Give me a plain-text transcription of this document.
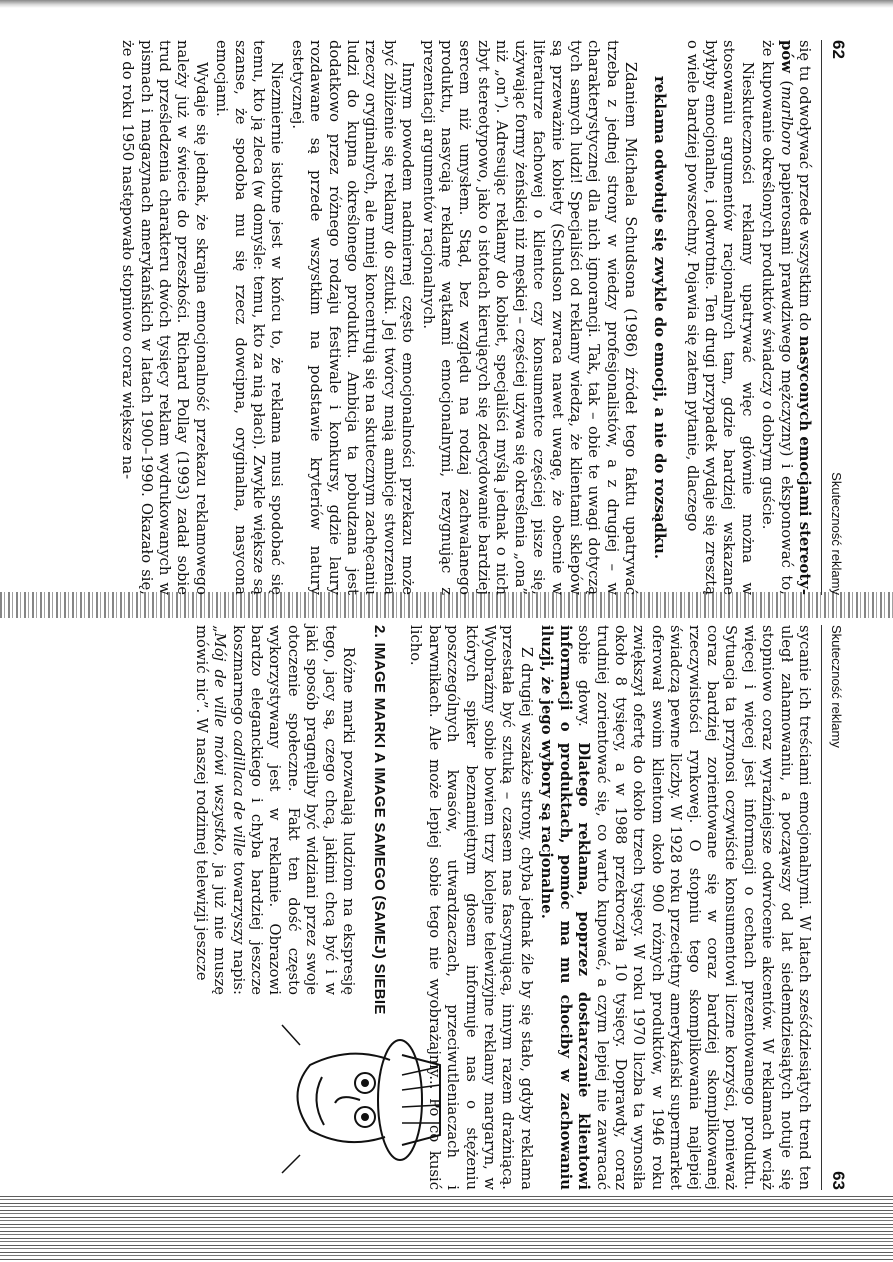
62
Skuteczność reklamy

się tu odwoływać przede wszystkim do nasyconych emocjami stereoty-pów (marlboro papierosami prawdziwego mężczyzny) i eksponować to, że kupowanie określonych produktów świadczy o dobrym guście.

Nieskuteczności reklamy upatrywać więc głównie można w stosowaniu argumentów racjonalnych tam, gdzie bardziej wskazane byłyby emocjonalne, i odwrotnie. Ten drugi przypadek wydaje się zresztą o wiele bardziej powszechny. Pojawia się zatem pytanie, dlaczego

reklama odwołuje się zwykle do emocji, a nie do rozsądku.

Zdaniem Michaela Schudsona (1986) źródeł tego faktu upatrywać trzeba z jednej strony w wiedzy profesjonalistów, a z drugiej – w charakterystycznej dla nich ignorancji. Tak, tak – obie te uwagi dotyczą tych samych ludzi! Specjaliści od reklamy wiedzą, że klientami sklepów są przeważnie kobiety (Schudson zwraca nawet uwagę, że obecnie w literaturze fachowej o klientce czy konsumentce częściej pisze się, używając formy żeńskiej niż męskiej – częściej używa się określenia „ona” niż „on”). Adresując reklamy do kobiet, specjaliści myślą jednak o nich zbyt stereotypowo, jako o istotach kierujących się zdecydowanie bardziej sercem niż umysłem. Stąd, bez względu na rodzaj zachwalanego produktu, nasycają reklamę wątkami emocjonalnymi, rezygnując z prezentacji argumentów racjonalnych.

Innym powodem nadmiernej często emocjonalności przekazu może być zbliżenie się reklamy do sztuki. Jej twórcy mają ambicje stworzenia rzeczy oryginalnych, ale mniej koncentrują się na skutecznym zachęcaniu ludzi do kupna określonego produktu. Ambicja ta pobudzana jest dodatkowo przez różnego rodzaju festiwale i konkursy, gdzie laury rozdawane są przede wszystkim na podstawie kryteriów natury estetycznej.

Niezmiernie istotne jest w końcu to, że reklama musi spodobać się temu, kto ją zleca (w domyśle: temu, kto za nią płaci). Zwykle większe są szanse, że spodoba mu się rzecz dowcipna, oryginalna, nasycona emocjami.

Wydaje się jednak, że skrajna emocjonalność przekazu reklamowego należy już w świecie do przeszłości. Richard Pollay (1993) zadał sobie trud prześledzenia charakteru dwóch tysięcy reklam wydrukowanych w pismach i magazynach amerykańskich w latach 1900–1990. Okazało się, że do roku 1950 następowało stopniowo coraz większe na-

Skuteczność reklamy
63

sycanie ich treściami emocjonalnymi. W latach sześćdziesiątych trend ten uległ zahamowaniu, a począwszy od lat siedemdziesiątych notuje się stopniowo coraz wyraźniejsze odwrócenie akcentów. W reklamach wciąż więcej i więcej jest informacji o cechach prezentowanego produktu. Sytuacja ta przynosi oczywiście konsumentowi liczne korzyści, ponieważ coraz bardziej zorientowane się w coraz bardziej skomplikowanej rzeczywistości rynkowej. O stopniu tego skomplikowania najlepiej świadczą pewne liczby. W 1928 roku przeciętny amerykański supermarket oferował swoim klientom około 900 różnych produktów, w 1946 roku zwiększył ofertę do około trzech tysięcy. W roku 1970 liczba ta wynosiła około 8 tysięcy, a w 1988 przekroczyła 10 tysięcy. Doprawdy, coraz trudniej zorientować się, co warto kupować, a czym lepiej nie zawracać sobie głowy. Dlatego reklama, poprzez dostarczanie klientowi informacji o produktach, pomóc ma mu chociby w zachowaniu iluzji, że jego wybory są racjonalne.

Z drugiej wszakże strony, chyba jednak źle by się stało, gdyby reklama przestała być sztuką – czasem nas fascynującą, innym razem drażniącą. Wyobraźmy sobie bowiem trzy kolejne telewizyjne reklamy margaryn, w których spiker beznamiętnym głosem informuje nas o stężeniu poszczególnych kwasów, utwardzaczach, przeciwutleniaczach i barwnikach. Ale może lepiej sobie tego nie wyobrażajmy... Po co kusić licho.

2. IMAGE MARKI A IMAGE SAMEGO (SAMEJ) SIEBIE

Różne marki pozwalają ludziom na ekspresję tego, jacy są, czego chcą, jakimi chcą być i w jaki sposób pragnęliby być widziani przez swoje otoczenie społeczne. Fakt ten dość często wykorzystywany jest w reklamie. Obrazowi bardzo eleganckiego i chyba bardziej jeszcze koszmarnego cadillaca de ville towarzyszy napis: „Mój de ville mówi wszystko, ja już nie muszę mówić nic”. W naszej rodzimej telewizji jeszcze
